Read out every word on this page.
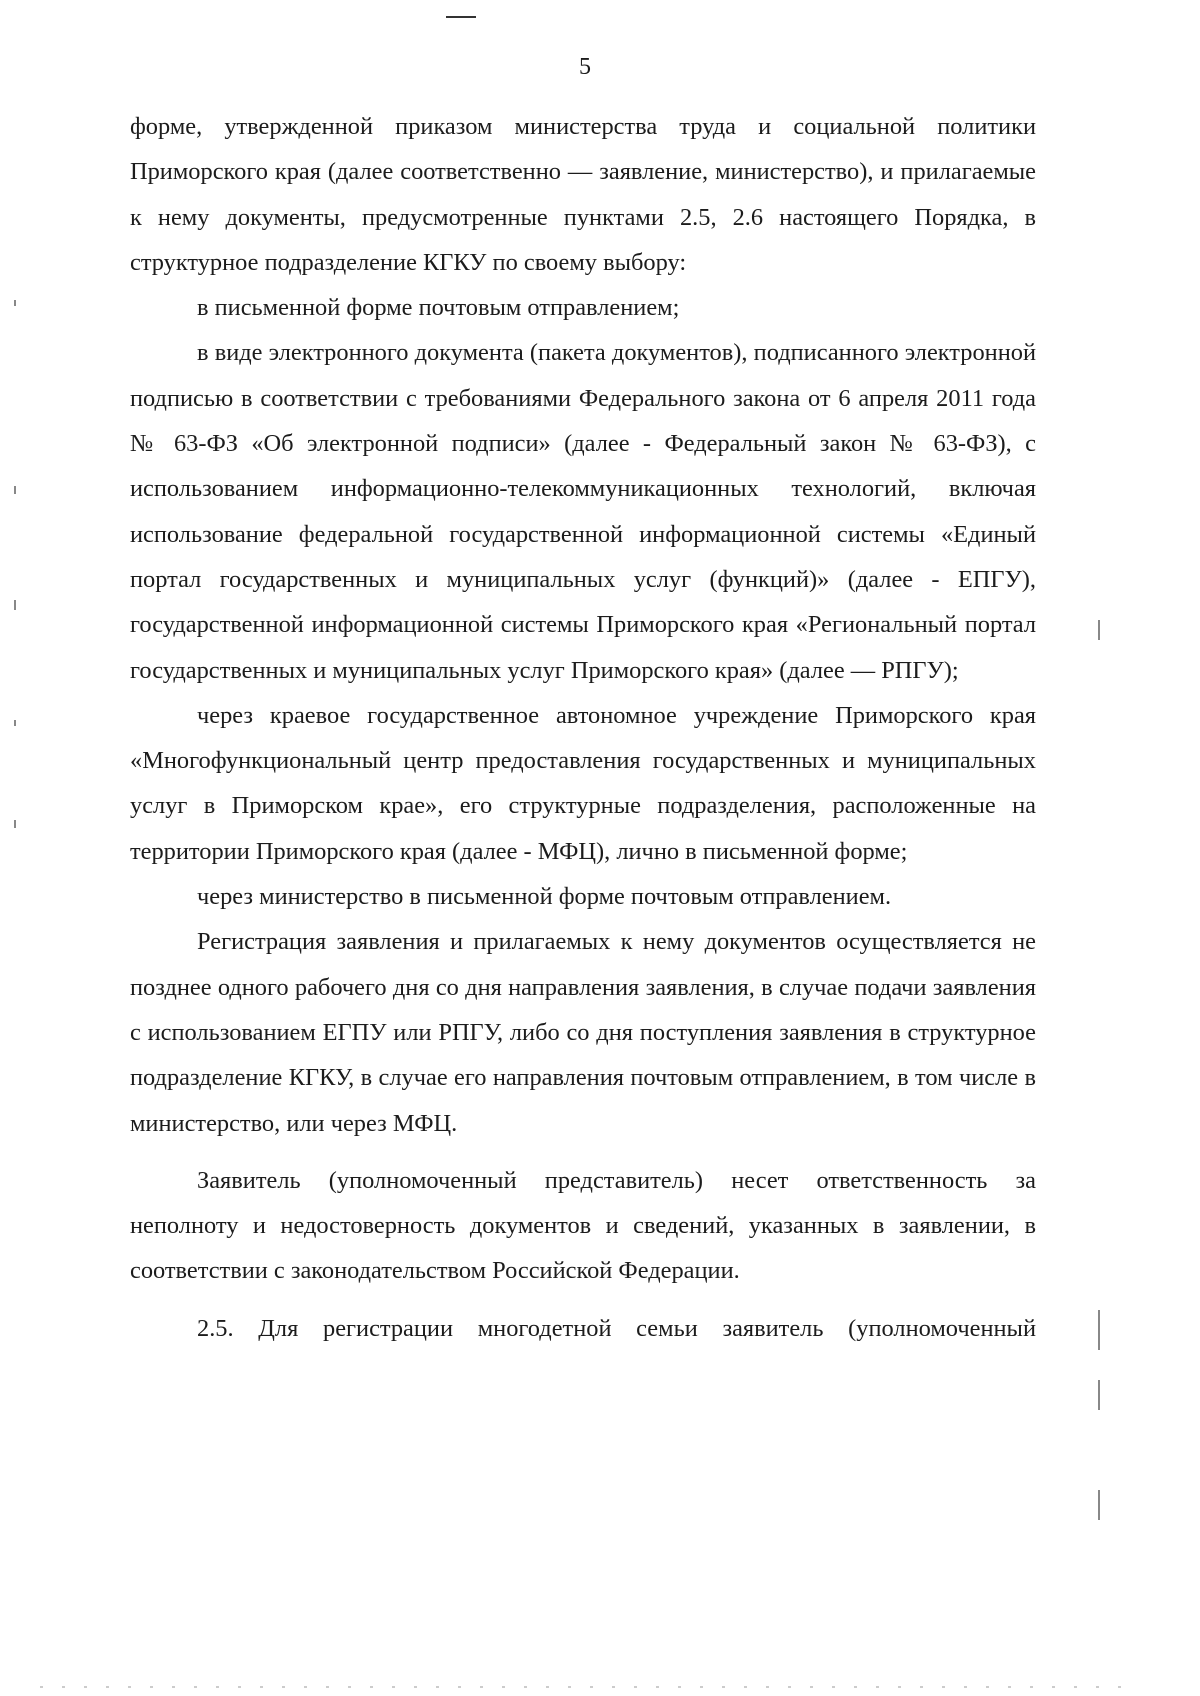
5

форме, утвержденной приказом министерства труда и социальной политики Приморского края (далее соответственно — заявление, министерство), и прилагаемые к нему документы, предусмотренные пунктами 2.5, 2.6 настоящего Порядка, в структурное подразделение КГКУ по своему выбору:

в письменной форме почтовым отправлением;

в виде электронного документа (пакета документов), подписанного электронной подписью в соответствии с требованиями Федерального закона от 6 апреля 2011 года № 63-ФЗ «Об электронной подписи» (далее - Федеральный закон № 63-ФЗ), с использованием информационно-телекоммуникационных технологий, включая использование федеральной государственной информационной системы «Единый портал государственных и муниципальных услуг (функций)» (далее - ЕПГУ), государственной информационной системы Приморского края «Региональный портал государственных и муниципальных услуг Приморского края» (далее — РПГУ);

через краевое государственное автономное учреждение Приморского края «Многофункциональный центр предоставления государственных и муниципальных услуг в Приморском крае», его структурные подразделения, расположенные на территории Приморского края (далее - МФЦ), лично в письменной форме;

через министерство в письменной форме почтовым отправлением.

Регистрация заявления и прилагаемых к нему документов осуществляется не позднее одного рабочего дня со дня направления заявления, в случае подачи заявления с использованием ЕГПУ или РПГУ, либо со дня поступления заявления в структурное подразделение КГКУ, в случае его направления почтовым отправлением, в том числе в министерство, или через МФЦ.

Заявитель (уполномоченный представитель) несет ответственность за неполноту и недостоверность документов и сведений, указанных в заявлении, в соответствии с законодательством Российской Федерации.

2.5. Для регистрации многодетной семьи заявитель (уполномоченный
